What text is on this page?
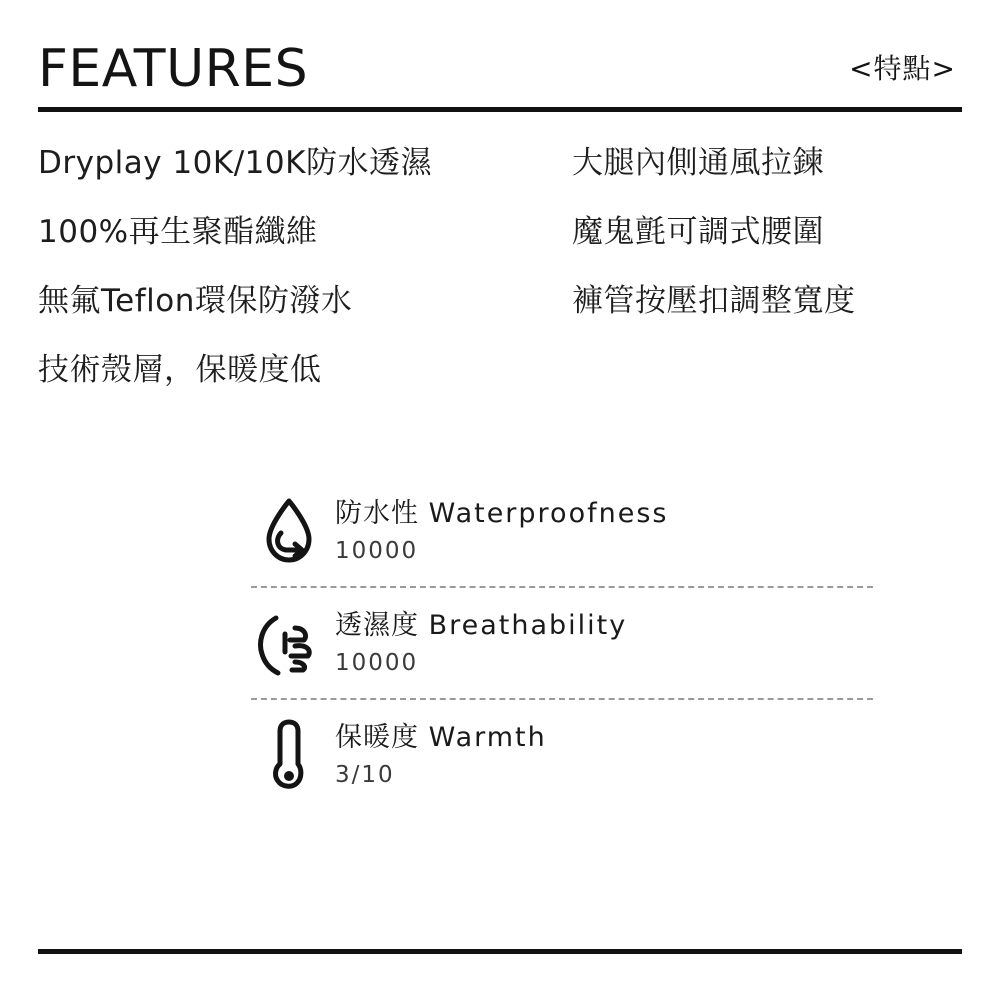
FEATURES	<特點>
Dryplay 10K/10K防水透濕
100%再生聚酯纖維
無氟Teflon環保防潑水
技術殼層，保暖度低
大腿內側通風拉鍊
魔鬼氈可調式腰圍
褲管按壓扣調整寬度
防水性 Waterproofness
10000
透濕度 Breathability
10000
保暖度 Warmth
3/10
